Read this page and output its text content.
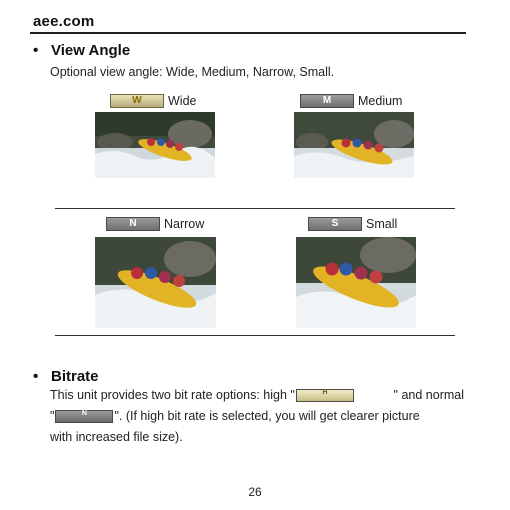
aee.com
• View Angle
Optional view angle: Wide, Medium, Narrow, Small.
W Wide	M Medium
N Narrow	S Small
• Bitrate
This unit provides two bit rate options: high "	H	" and normal
"	N ". (If high bit rate is selected, you will get clearer picture
with increased file size).
26
